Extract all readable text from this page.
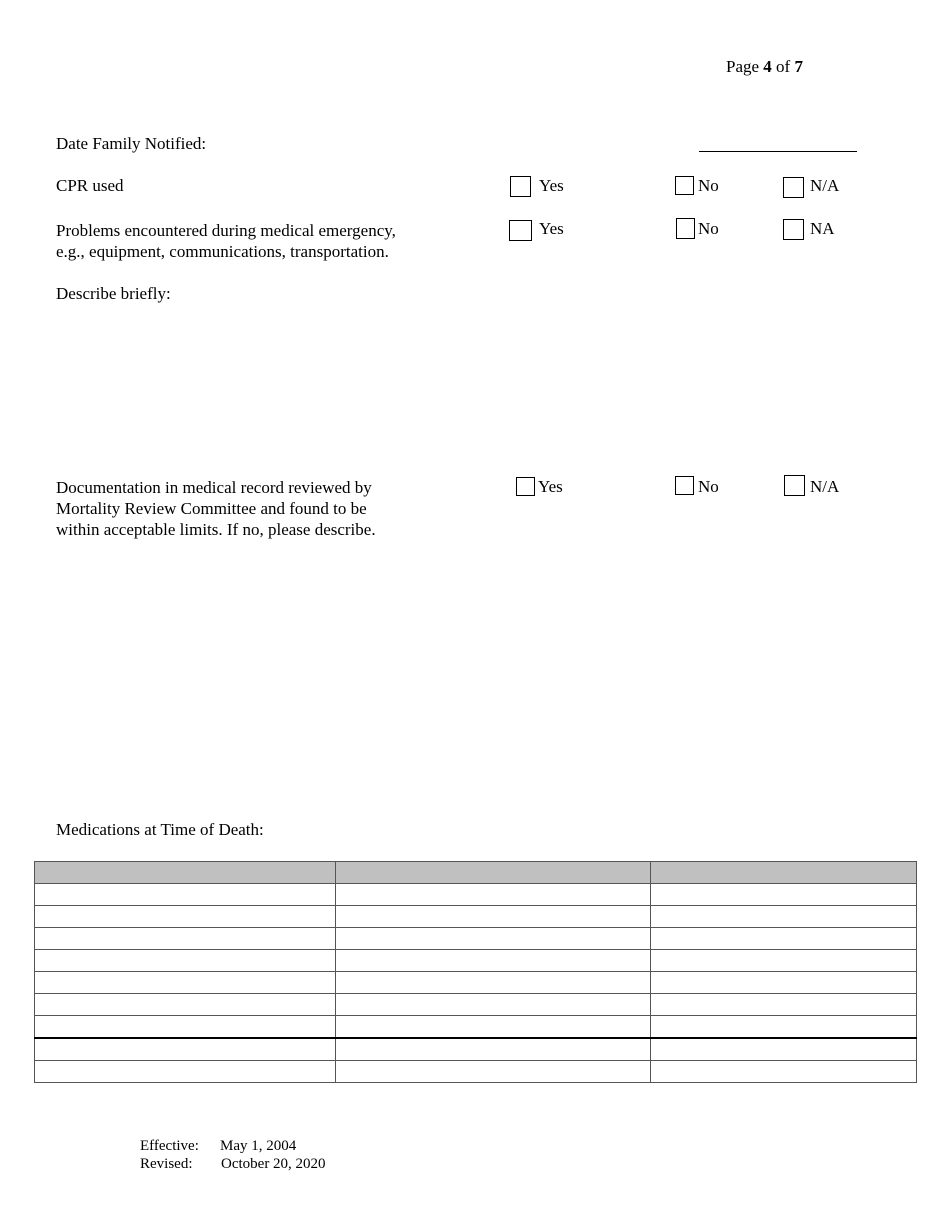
Page 4 of 7
Date Family Notified:
CPR used	Yes	No	N/A
Problems encountered during medical emergency,
e.g., equipment, communications, transportation.
Yes	No	NA
Describe briefly:
Documentation in medical record reviewed by
Mortality Review Committee and found to be
within acceptable limits. If no, please describe.
Yes	No	N/A
Medications at Time of Death:

Effective: May 1, 2004
Revised: October 20, 2020
